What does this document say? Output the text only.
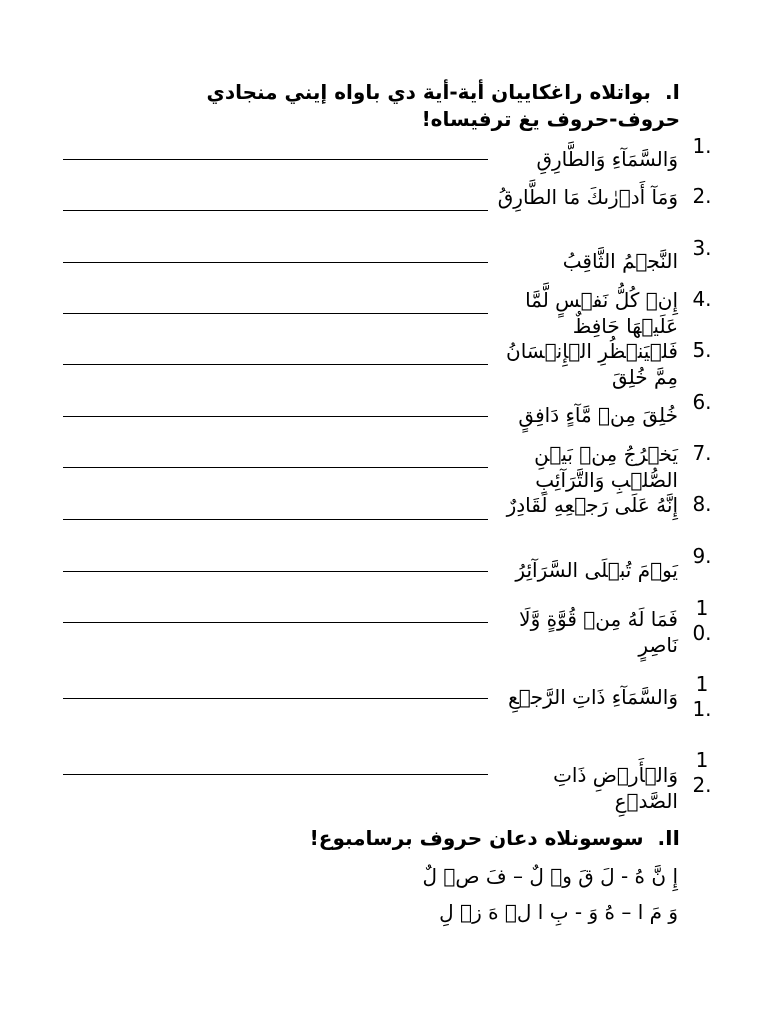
I.بواتلاه راغكاييان أية-أية دي باواه إيني منجادي حروف-حروف يغ ترفيساه!
1.
وَالسَّمَآءِ وَالطَّارِقِ
2.
وَمَآ أَدۡرٰىكَ مَا الطَّارِقُ
3.
النَّجۡمُ الثَّاقِبُ
4.
إِنۡ كُلُّ نَفۡسٍ لَّمَّا عَلَيۡهَا حَافِظٌ
5.
فَلۡيَنۡظُرِ الۡإِنۡسَانُ مِمَّ خُلِقَ
6.
خُلِقَ مِنۡ مَّآءٍ دَافِقٍ
7.
يَخۡرُجُ مِنۡ بَيۡنِ الصُّلۡبِ وَالتَّرَآئِبِ
8.
إِنَّهُ عَلَى رَجۡعِهِ لَقَادِرٌ
9.
يَوۡمَ تُبۡلَى السَّرَآئِرُ
10.
فَمَا لَهُ مِنۡ قُوَّةٍ وَّلَا نَاصِرٍ
11.
وَالسَّمَآءِ ذَاتِ الرَّجۡعِ
12.
وَالۡأَرۡضِ ذَاتِ الصَّدۡعِ
II.سوسونلاه دعان حروف برسامبوع!
إِ نَّ هُ - لَ قَ وۡ لٌ – فَ صۡ لٌ
وَ مَ ا – هُ وَ - بِ ا لۡ هَ زۡ لِ
